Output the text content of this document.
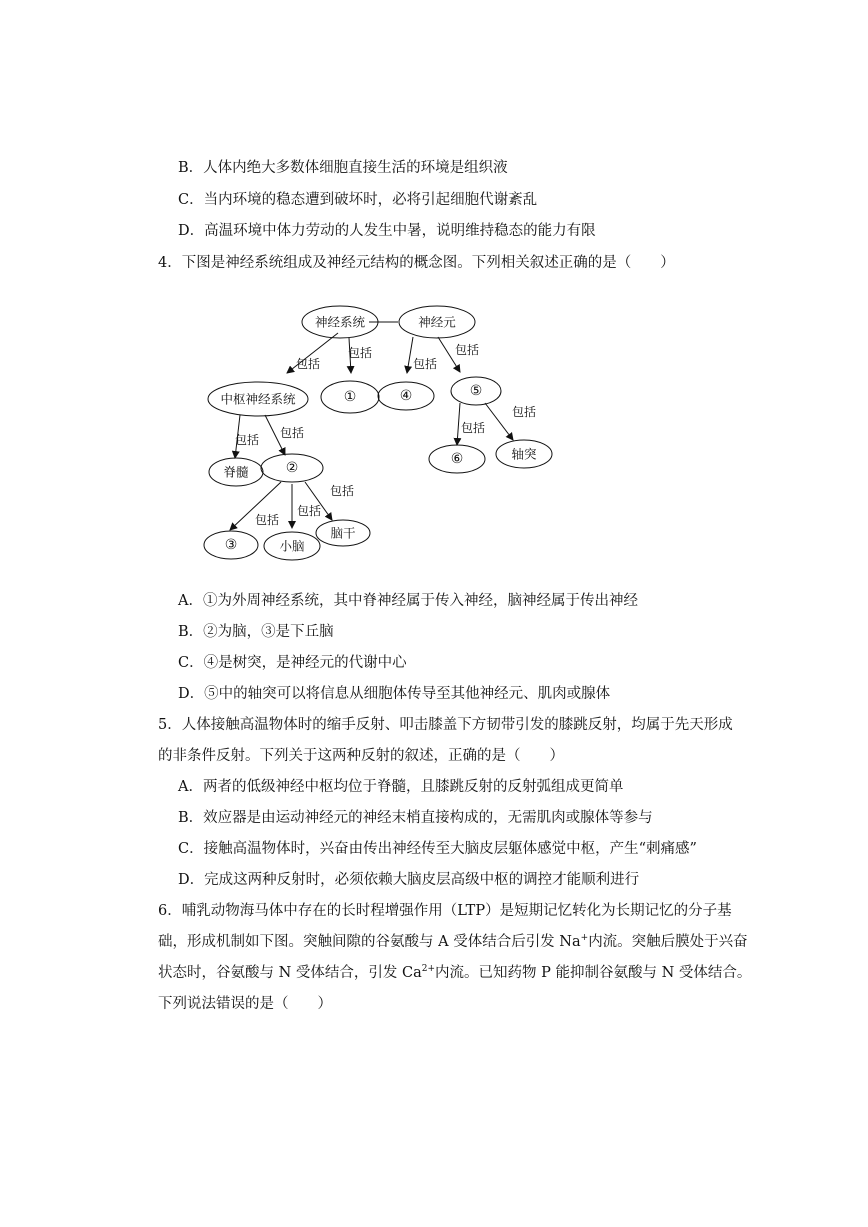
B．人体内绝大多数体细胞直接生活的环境是组织液
C．当内环境的稳态遭到破坏时，必将引起细胞代谢紊乱
D．高温环境中体力劳动的人发生中暑，说明维持稳态的能力有限
4．下图是神经系统组成及神经元结构的概念图。下列相关叙述正确的是（　　）
神经系统	神经元
中枢神经系统	①	④	⑤
脊髓	②
⑥	轴突
③	小脑
脑干
包括
包括
包括
包括
包括
包括
包括 包括
包括
包括
包括
A．①为外周神经系统，其中脊神经属于传入神经，脑神经属于传出神经
B．②为脑，③是下丘脑
C．④是树突，是神经元的代谢中心
D．⑤中的轴突可以将信息从细胞体传导至其他神经元、肌肉或腺体
5．人体接触高温物体时的缩手反射、叩击膝盖下方韧带引发的膝跳反射，均属于先天形成
的非条件反射。下列关于这两种反射的叙述，正确的是（　　）
A．两者的低级神经中枢均位于脊髓，且膝跳反射的反射弧组成更简单
B．效应器是由运动神经元的神经末梢直接构成的，无需肌肉或腺体等参与
C．接触高温物体时，兴奋由传出神经传至大脑皮层躯体感觉中枢，产生“刺痛感”
D．完成这两种反射时，必须依赖大脑皮层高级中枢的调控才能顺利进行
6．哺乳动物海马体中存在的长时程增强作用（LTP）是短期记忆转化为长期记忆的分子基
础，形成机制如下图。突触间隙的谷氨酸与 A 受体结合后引发 Na+内流。突触后膜处于兴奋
状态时，谷氨酸与 N 受体结合，引发 $Ca^{2+}$内流。已知药物 P 能抑制谷氨酸与 N 受体结合。
下列说法错误的是（　　）
